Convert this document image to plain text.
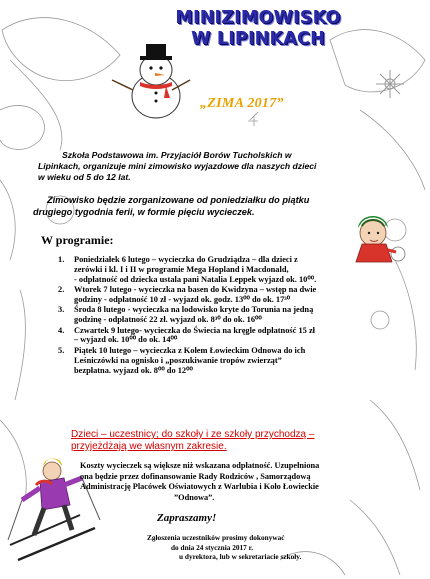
MINIZIMOWISKO
W LIPINKACH
„ZIMA 2017”
Szkoła Podstawowa im. Przyjaciół Borów Tucholskich w
Lipinkach, organizuje mini zimowisko wyjazdowe dla naszych dzieci
w wieku od 5 do 12 lat.
Zimowisko będzie zorganizowane od poniedziałku do piątku
drugiego tygodnia ferii, w formie pięciu wycieczek.
W programie:
1. Poniedziałek 6 lutego – wycieczka do Grudziądza – dla dzieci z
zerówki i kl. I i II w programie Mega Hopland i Macdonald,
- odpłatność od dziecka ustala pani Natalia Leppek wyjazd ok. 10⁰⁰.
2. Wtorek 7 lutego - wycieczka na basen do Kwidzyna – wstęp na dwie
godziny - odpłatność 10 zł - wyjazd ok. godz. 13⁰⁰ do ok. 17³⁰
3. Środa 8 lutego - wycieczka na lodowisko kryte do Torunia na jedną
godzinę - odpłatność 22 zł. wyjazd ok. 8³⁰ do ok. 16⁰⁰
4. Czwartek 9 lutego- wycieczka do Świecia na kręgle odpłatność 15 zł
– wyjazd ok. 10⁰⁰ do ok. 14⁰⁰
5. Piątek 10 lutego – wycieczka z Kołem Łowieckim Odnowa do ich
Leśniczówki na ognisko i „poszukiwanie tropów zwierząt”
bezpłatna. wyjazd ok. 8⁰⁰ do 12⁰⁰
Dzieci – uczestnicy; do szkoły i ze szkoły przychodzą –
przyjeżdżają we własnym zakresie.
Koszty wycieczek są większe niż wskazana odpłatność. Uzupełniona
ona będzie przez dofinansowanie Rady Rodziców , Samorządową
Administrację Placówek Oświatowych z Warlubia i Koło Łowieckie
”Odnowa”.
Zapraszamy!
Zgłoszenia uczestników prosimy dokonywać
do dnia 24 stycznia 2017 r.
u dyrektora, lub w sekretariacie szkoły.
